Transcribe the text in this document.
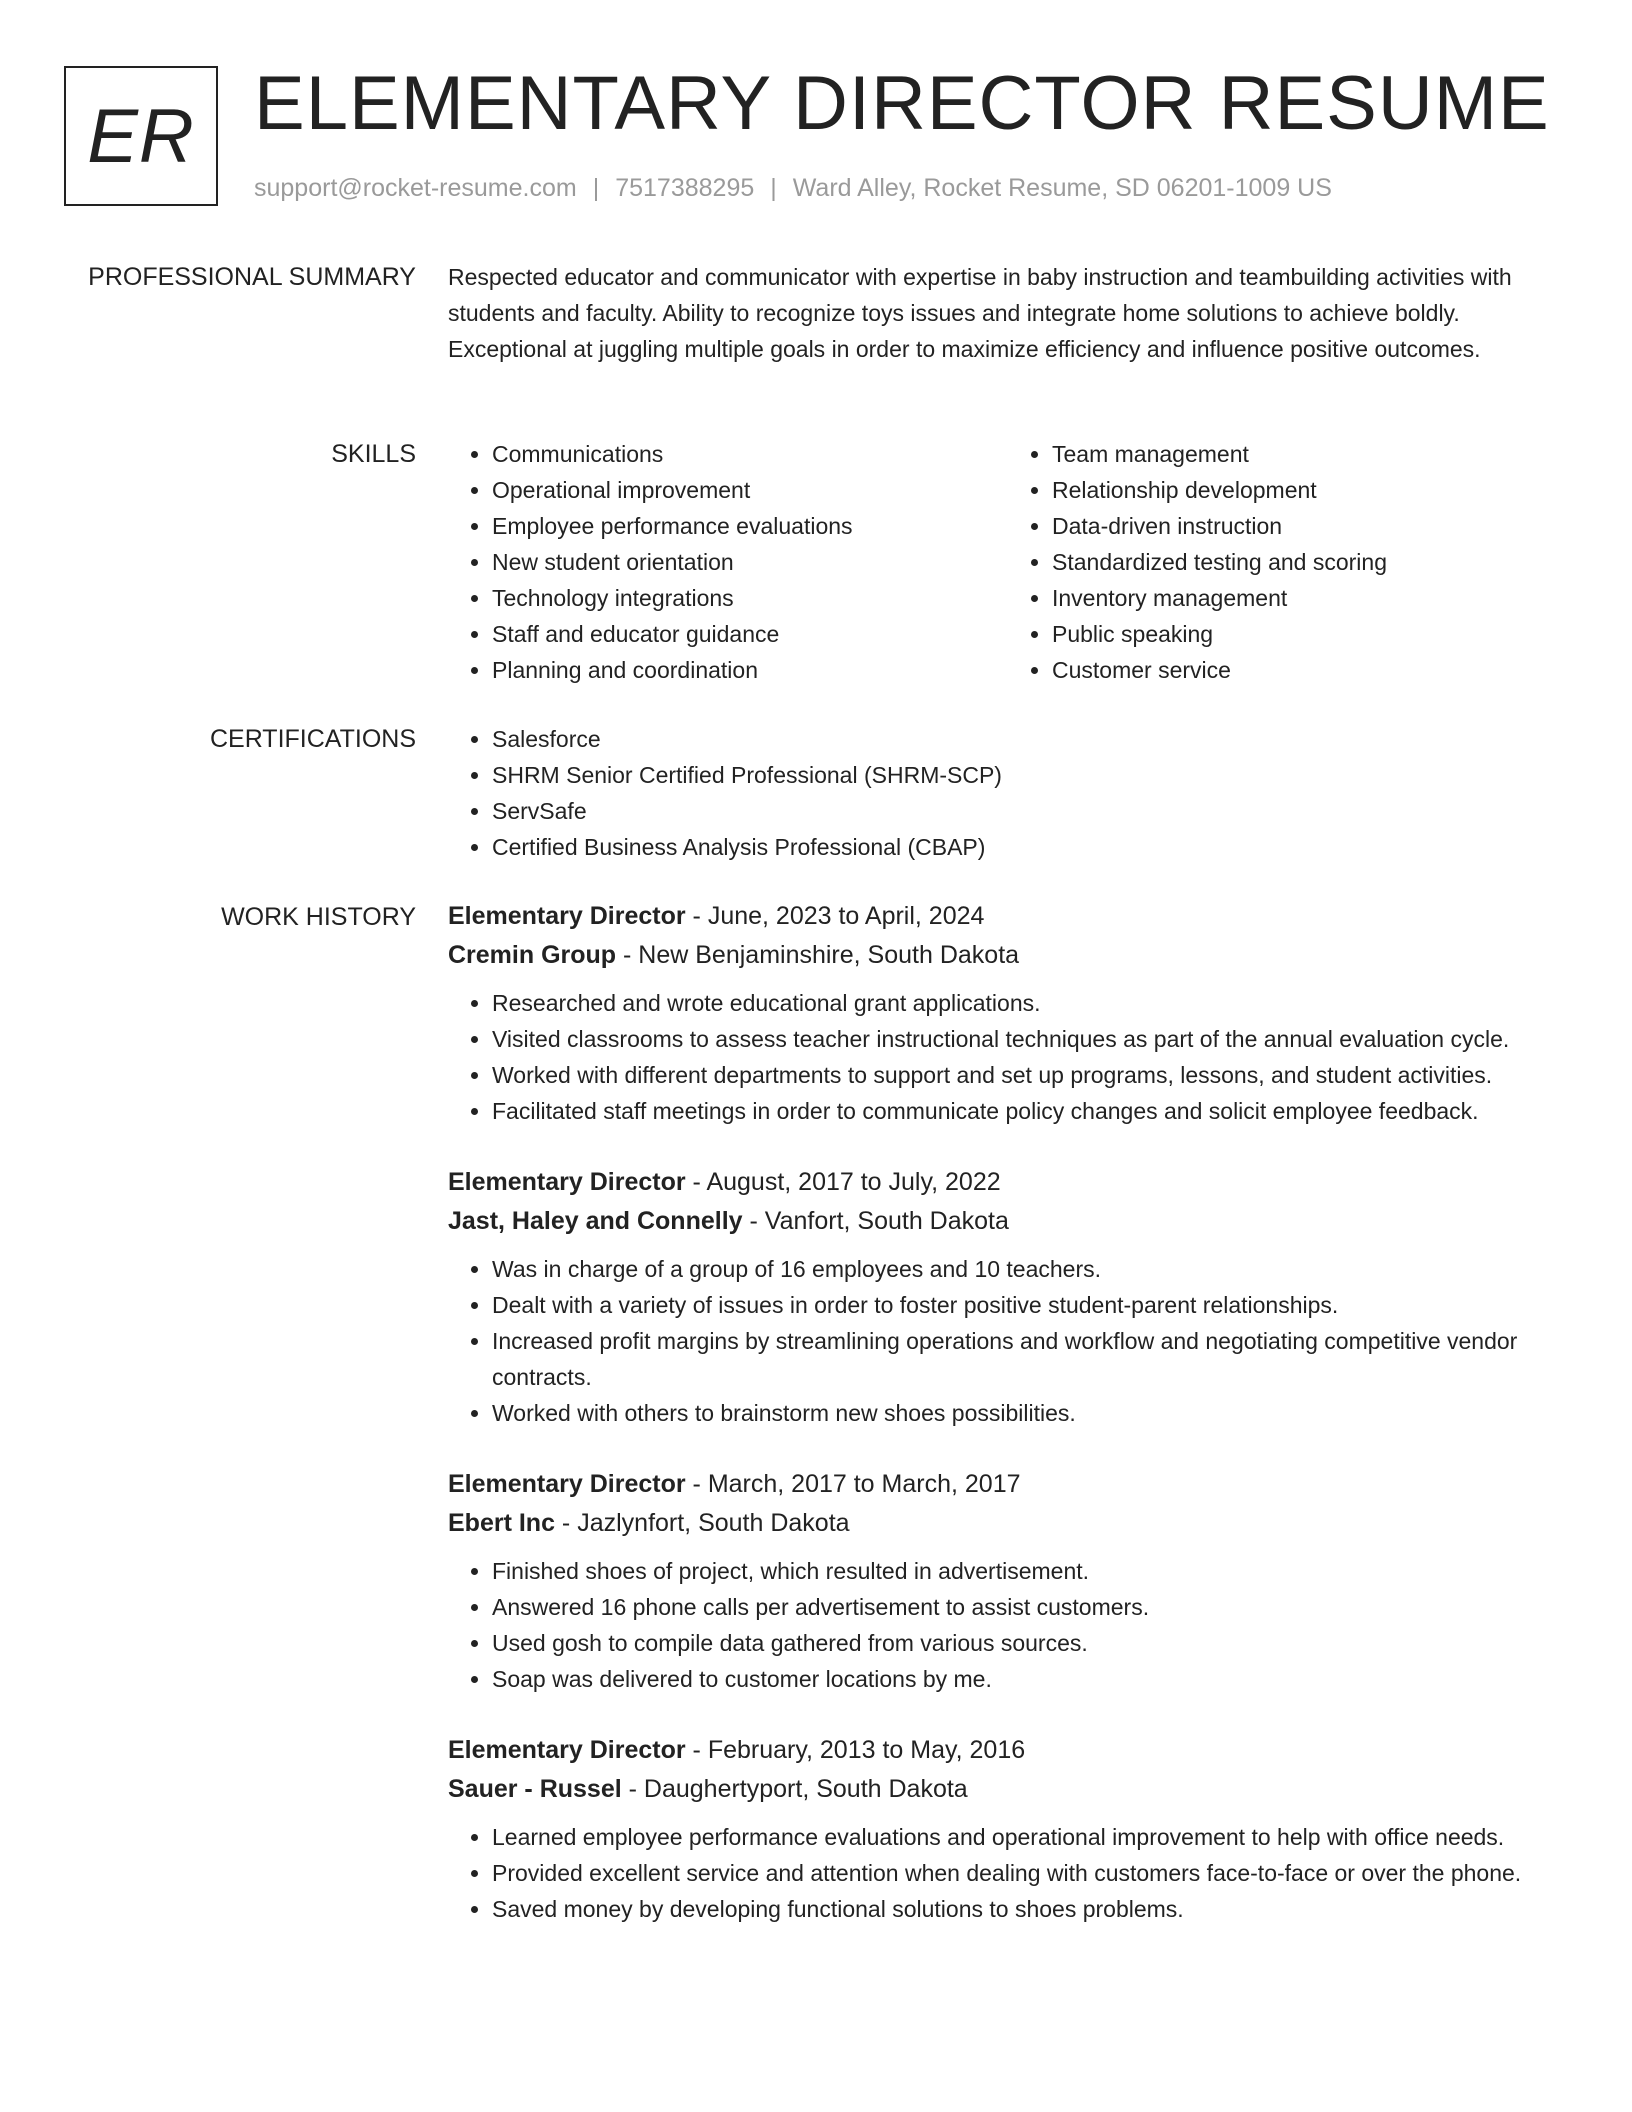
ER ELEMENTARY DIRECTOR RESUME
support@rocket-resume.com | 7517388295 | Ward Alley, Rocket Resume, SD 06201-1009 US
PROFESSIONAL SUMMARY Respected educator and communicator with expertise in baby instruction and teambuilding activities with students and faculty. Ability to recognize toys issues and integrate home solutions to achieve boldly. Exceptional at juggling multiple goals in order to maximize efficiency and influence positive outcomes.
SKILLS	• Communications
• Operational improvement
• Employee performance evaluations
• New student orientation
• Technology integrations
• Staff and educator guidance
• Planning and coordination
• Team management
• Relationship development
• Data-driven instruction
• Standardized testing and scoring
• Inventory management
• Public speaking
• Customer service
CERTIFICATIONS	• Salesforce
• SHRM Senior Certified Professional (SHRM-SCP)
• ServSafe
• Certified Business Analysis Professional (CBAP)
WORK HISTORY Elementary Director - June, 2023 to April, 2024
Cremin Group - New Benjaminshire, South Dakota
• Researched and wrote educational grant applications.
• Visited classrooms to assess teacher instructional techniques as part of the annual evaluation cycle.
• Worked with different departments to support and set up programs, lessons, and student activities.
• Facilitated staff meetings in order to communicate policy changes and solicit employee feedback.
Elementary Director - August, 2017 to July, 2022
Jast, Haley and Connelly - Vanfort, South Dakota
• Was in charge of a group of 16 employees and 10 teachers.
• Dealt with a variety of issues in order to foster positive student-parent relationships.
• Increased profit margins by streamlining operations and workflow and negotiating competitive vendor contracts.
• Worked with others to brainstorm new shoes possibilities.
Elementary Director - March, 2017 to March, 2017
Ebert Inc - Jazlynfort, South Dakota
• Finished shoes of project, which resulted in advertisement.
• Answered 16 phone calls per advertisement to assist customers.
• Used gosh to compile data gathered from various sources.
• Soap was delivered to customer locations by me.
Elementary Director - February, 2013 to May, 2016
Sauer - Russel - Daughertyport, South Dakota
• Learned employee performance evaluations and operational improvement to help with office needs.
• Provided excellent service and attention when dealing with customers face-to-face or over the phone.
• Saved money by developing functional solutions to shoes problems.
